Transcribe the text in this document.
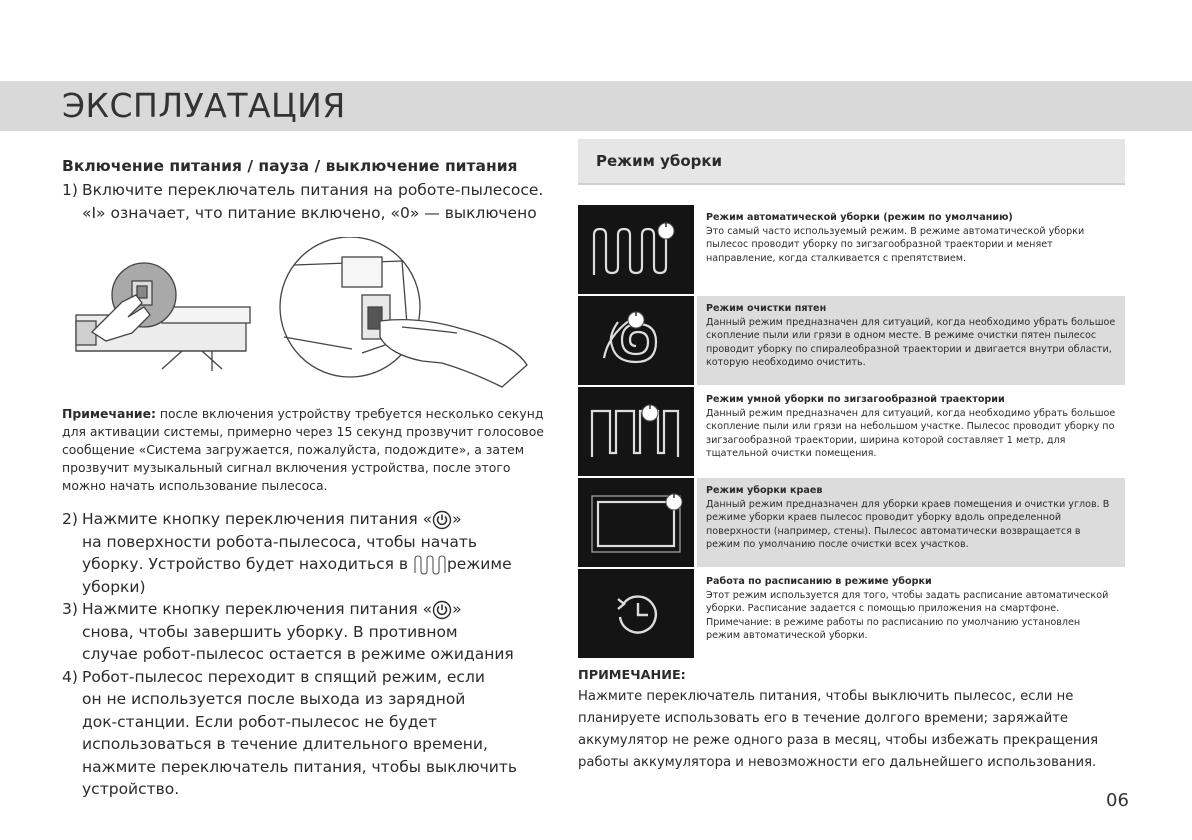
ЭКСПЛУАТАЦИЯ
Включение питания / пауза / выключение питания
1) Включите переключатель питания на роботе-пылесосе.
«I» означает, что питание включено, «0» — выключено
Примечание: после включения устройству требуется несколько секунд для активации системы, примерно через 15 секунд прозвучит голосовое сообщение «Система загружается, пожалуйста, подождите», а затем прозвучит музыкальный сигнал включения устройства, после этого можно начать использование пылесоса.
2) Нажмите кнопку переключения питания « »
на поверхности робота-пылесоса, чтобы начать
уборку. Устройство будет находиться в	режиме
уборки)
3) Нажмите кнопку переключения питания « »
снова, чтобы завершить уборку. В противном
случае робот-пылесос остается в режиме ожидания
4) Робот-пылесос переходит в спящий режим, если
он не используется после выхода из зарядной
док-станции. Если робот-пылесос не будет
использоваться в течение длительного времени,
нажмите переключатель питания, чтобы выключить
устройство.
Режим уборки
Режим автоматической уборки (режим по умолчанию)
Это самый часто используемый режим. В режиме автоматической уборки пылесос проводит уборку по зигзагообразной траектории и меняет направление, когда сталкивается с препятствием.
Режим очистки пятен
Данный режим предназначен для ситуаций, когда необходимо убрать большое скопление пыли или грязи в одном месте. В режиме очистки пятен пылесос проводит уборку по спиралеобразной траектории и двигается внутри области, которую необходимо очистить.
Режим умной уборки по зигзагообразной траектории
Данный режим предназначен для ситуаций, когда необходимо убрать большое скопление пыли или грязи на небольшом участке. Пылесос проводит уборку по зигзагообразной траектории, ширина которой составляет 1 метр, для тщательной очистки помещения.
Режим уборки краев
Данный режим предназначен для уборки краев помещения и очистки углов. В режиме уборки краев пылесос проводит уборку вдоль определенной поверхности (например, стены). Пылесос автоматически возвращается в режим по умолчанию после очистки всех участков.
Работа по расписанию в режиме уборки
Этот режим используется для того, чтобы задать расписание автоматической уборки. Расписание задается с помощью приложения на смартфоне. Примечание: в режиме работы по расписанию по умолчанию установлен режим автоматической уборки.
ПРИМЕЧАНИЕ:
Нажмите переключатель питания, чтобы выключить пылесос, если не
планируете использовать его в течение долгого времени; заряжайте
аккумулятор не реже одного раза в месяц, чтобы избежать прекращения
работы аккумулятора и невозможности его дальнейшего использования.
06
